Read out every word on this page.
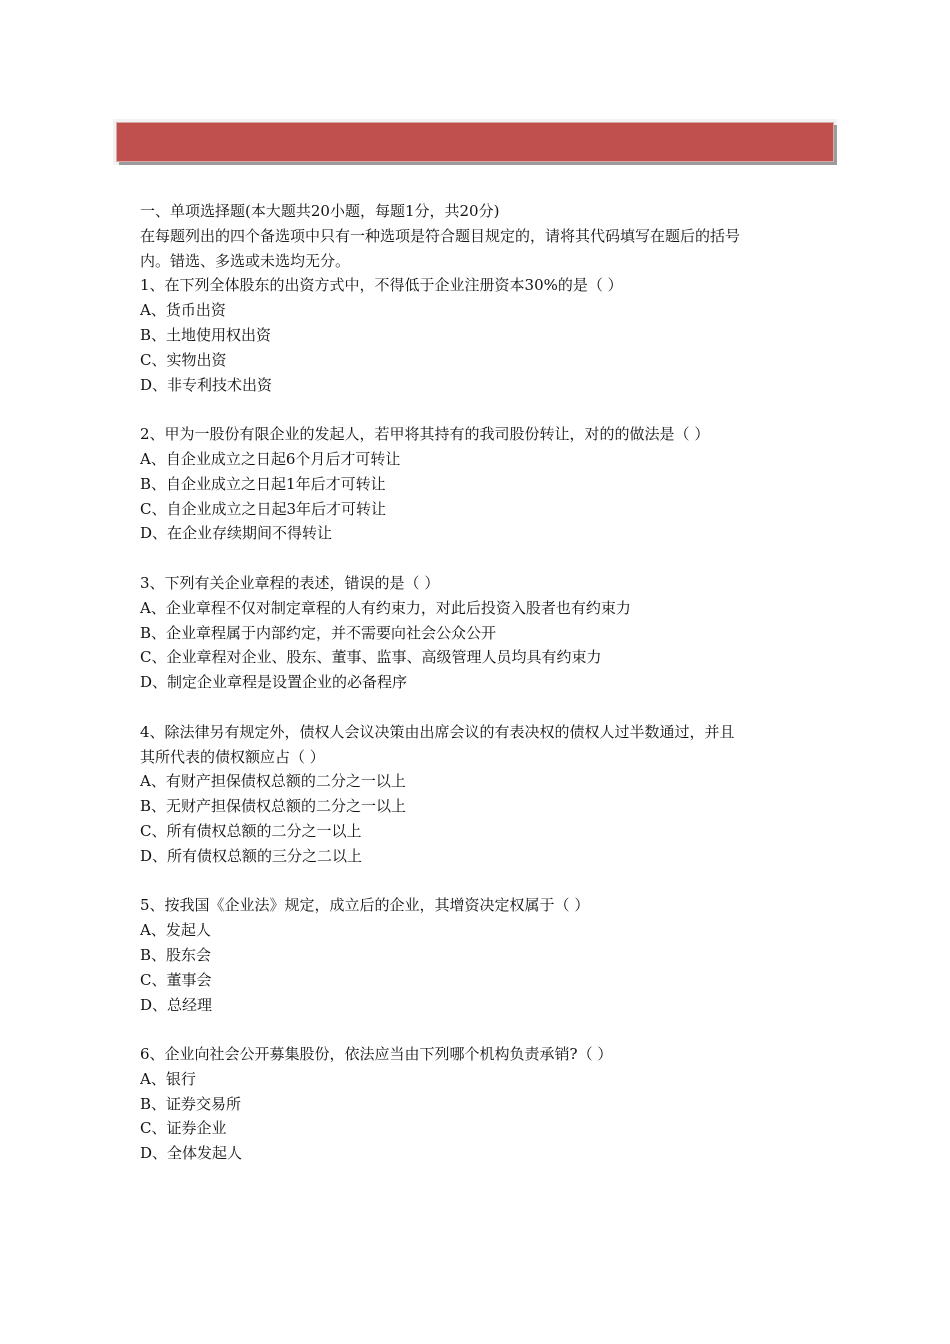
一、单项选择题(本大题共20小题，每题1分，共20分)
在每题列出的四个备选项中只有一种选项是符合题目规定的，请将其代码填写在题后的括号
内。错选、多选或未选均无分。
1、在下列全体股东的出资方式中，不得低于企业注册资本30%的是（ ）
A、货币出资
B、土地使用权出资
C、实物出资
D、非专利技术出资
2、甲为一股份有限企业的发起人，若甲将其持有的我司股份转让，对的的做法是（ ）
A、自企业成立之日起6个月后才可转让
B、自企业成立之日起1年后才可转让
C、自企业成立之日起3年后才可转让
D、在企业存续期间不得转让
3、下列有关企业章程的表述，错误的是（ ）
A、企业章程不仅对制定章程的人有约束力，对此后投资入股者也有约束力
B、企业章程属于内部约定，并不需要向社会公众公开
C、企业章程对企业、股东、董事、监事、高级管理人员均具有约束力
D、制定企业章程是设置企业的必备程序
4、除法律另有规定外，债权人会议决策由出席会议的有表决权的债权人过半数通过，并且
其所代表的债权额应占（ ）
A、有财产担保债权总额的二分之一以上
B、无财产担保债权总额的二分之一以上
C、所有债权总额的二分之一以上
D、所有债权总额的三分之二以上
5、按我国《企业法》规定，成立后的企业，其增资决定权属于（ ）
A、发起人
B、股东会
C、董事会
D、总经理
6、企业向社会公开募集股份，依法应当由下列哪个机构负责承销?（ ）
A、银行
B、证券交易所
C、证券企业
D、全体发起人
